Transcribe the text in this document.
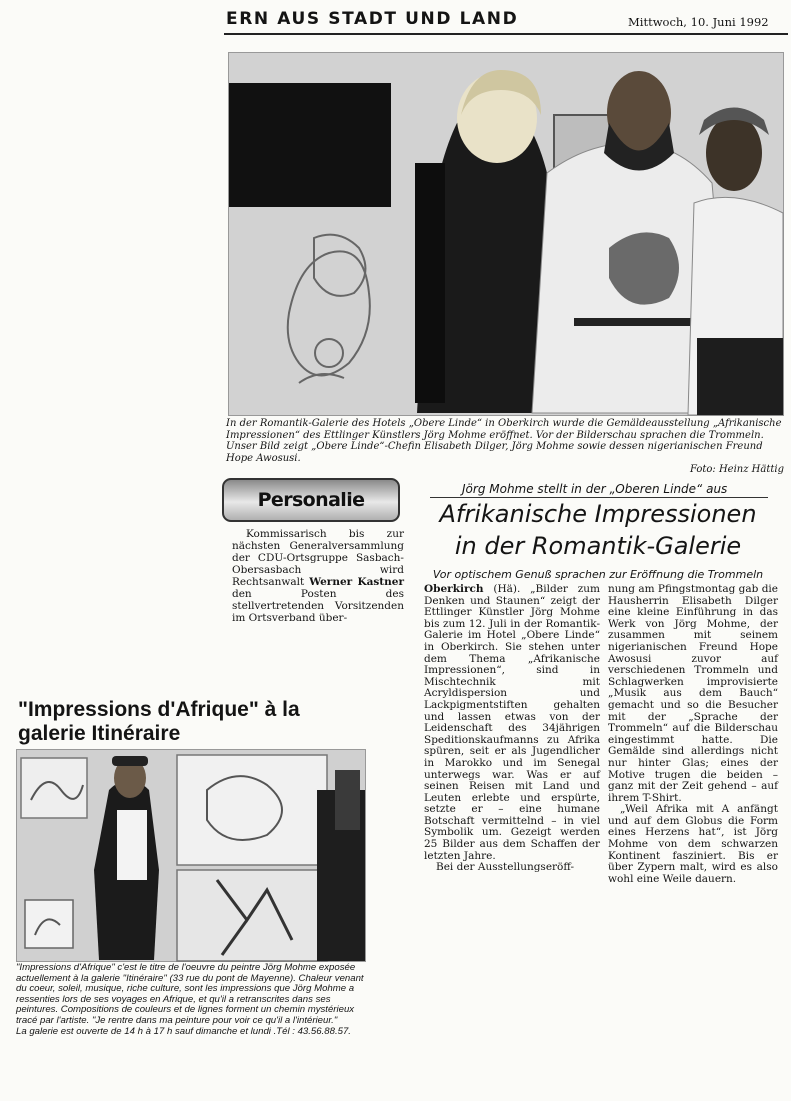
ERN AUS STADT UND LAND	Mittwoch, 10. Juni 1992
In der Romantik-Galerie des Hotels „Obere Linde“ in Oberkirch wurde die Gemäldeausstellung „Afrikanische Impressionen“ des Ettlinger Künstlers Jörg Mohme eröffnet. Vor der Bilderschau sprachen die Trommeln. Unser Bild zeigt „Obere Linde“-Chefin Elisabeth Dilger, Jörg Mohme sowie dessen nigerianischen Freund Hope Awosusi.
Foto: Heinz Hättig
Personalie
Kommissarisch bis zur nächsten Generalversammlung der CDU-Ortsgruppe Sasbach-Obersasbach wird Rechtsanwalt Werner Kastner den Posten des stellvertretenden Vorsitzenden im Ortsverband über-
Jörg Mohme stellt in der „Oberen Linde“ aus
Afrikanische Impressionen
in der Romantik-Galerie
Vor optischem Genuß sprachen zur Eröffnung die Trommeln

Oberkirch (Hä). „Bilder zum Denken und Staunen“ zeigt der Ettlinger Künstler Jörg Mohme bis zum 12. Juli in der Romantik-Galerie im Hotel „Obere Linde“ in Oberkirch. Sie stehen unter dem Thema „Afrikanische Impressionen“, sind in Mischtechnik mit Acryldispersion und Lackpigmentstiften gehalten und lassen etwas von der Leidenschaft des 34jährigen Speditionskaufmanns zu Afrika spüren, seit er als Jugendlicher in Marokko und im Senegal unterwegs war. Was er auf seinen Reisen mit Land und Leuten erlebte und erspürte, setzte er – eine humane Botschaft vermittelnd – in viel Symbolik um. Gezeigt werden 25 Bilder aus dem Schaffen der letzten Jahre.

Bei der Ausstellungseröff-

nung am Pfingstmontag gab die Hausherrin Elisabeth Dilger eine kleine Einführung in das Werk von Jörg Mohme, der zusammen mit seinem nigerianischen Freund Hope Awosusi zuvor auf verschiedenen Trommeln und Schlagwerken improvisierte „Musik aus dem Bauch“ gemacht und so die Besucher mit der „Sprache der Trommeln“ auf die Bilderschau eingestimmt hatte. Die Gemälde sind allerdings nicht nur hinter Glas; eines der Motive trugen die beiden – ganz mit der Zeit gehend – auf ihrem T-Shirt.

„Weil Afrika mit A anfängt und auf dem Globus die Form eines Herzens hat“, ist Jörg Mohme von dem schwarzen Kontinent fasziniert. Bis er über Zypern malt, wird es also wohl eine Weile dauern.

"Impressions d'Afrique" à la galerie Itinéraire

"Impressions d'Afrique" c'est le titre de l'oeuvre du peintre Jörg Mohme exposée actuellement à la galerie "Itinéraire" (33 rue du pont de Mayenne). Chaleur venant du coeur, soleil, musique, riche culture, sont les impressions que Jörg Mohme a ressenties lors de ses voyages en Afrique, et qu'il a retranscrites dans ses peintures. Compositions de couleurs et de lignes forment un chemin mystérieux tracé par l'artiste. "Je rentre dans ma peinture pour voir ce qu'il a l'intérieur."

La galerie est ouverte de 14 h à 17 h sauf dimanche et lundi .Tél : 43.56.88.57.
